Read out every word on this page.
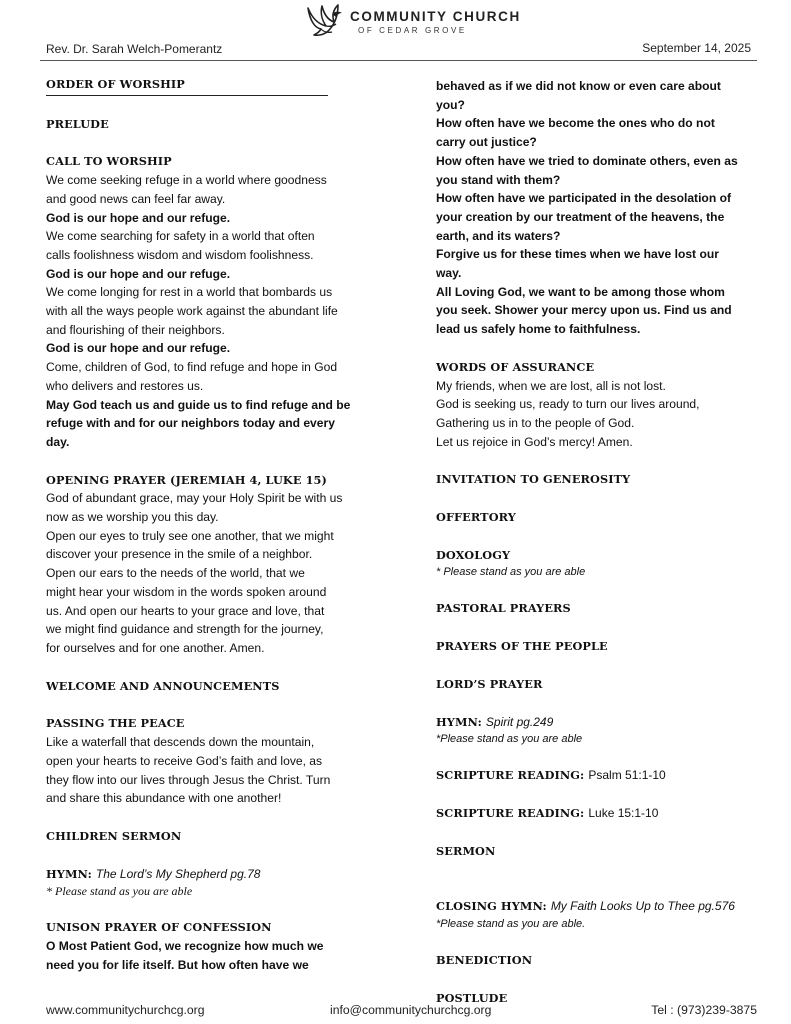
COMMUNITY CHURCH
OF CEDAR GROVE
Rev. Dr. Sarah Welch-Pomerantz	September 14, 2025
ORDER OF WORSHIP
PRELUDE
CALL TO WORSHIP
We come seeking refuge in a world where goodness
and good news can feel far away.
God is our hope and our refuge.
We come searching for safety in a world that often
calls foolishness wisdom and wisdom foolishness.
God is our hope and our refuge.
We come longing for rest in a world that bombards us
with all the ways people work against the abundant life
and flourishing of their neighbors.
God is our hope and our refuge.
Come, children of God, to find refuge and hope in God
who delivers and restores us.
May God teach us and guide us to find refuge and be
refuge with and for our neighbors today and every
day.
OPENING PRAYER (JEREMIAH 4, LUKE 15)
God of abundant grace, may your Holy Spirit be with us
now as we worship you this day.
Open our eyes to truly see one another, that we might
discover your presence in the smile of a neighbor.
Open our ears to the needs of the world, that we
might hear your wisdom in the words spoken around
us. And open our hearts to your grace and love, that
we might find guidance and strength for the journey,
for ourselves and for one another. Amen.
WELCOME AND ANNOUNCEMENTS
PASSING THE PEACE
Like a waterfall that descends down the mountain,
open your hearts to receive God’s faith and love, as
they flow into our lives through Jesus the Christ. Turn
and share this abundance with one another!
CHILDREN SERMON
HYMN: The Lord’s My Shepherd pg.78
* Please stand as you are able
UNISON PRAYER OF CONFESSION
O Most Patient God, we recognize how much we
need you for life itself. But how often have we
behaved as if we did not know or even care about
you?
How often have we become the ones who do not
carry out justice?
How often have we tried to dominate others, even as
you stand with them?
How often have we participated in the desolation of
your creation by our treatment of the heavens, the
earth, and its waters?
Forgive us for these times when we have lost our
way.
All Loving God, we want to be among those whom
you seek. Shower your mercy upon us. Find us and
lead us safely home to faithfulness.
WORDS OF ASSURANCE
My friends, when we are lost, all is not lost.
God is seeking us, ready to turn our lives around,
Gathering us in to the people of God.
Let us rejoice in God’s mercy! Amen.
INVITATION TO GENEROSITY
OFFERTORY
DOXOLOGY
* Please stand as you are able
PASTORAL PRAYERS
PRAYERS OF THE PEOPLE
LORD’S PRAYER
HYMN: Spirit pg.249
*Please stand as you are able
SCRIPTURE READING: Psalm 51:1-10
SCRIPTURE READING: Luke 15:1-10
SERMON
CLOSING HYMN: My Faith Looks Up to Thee pg.576
*Please stand as you are able.
BENEDICTION
POSTLUDE
www.communitychurchcg.org	info@communitychurchcg.org	Tel : (973)239-3875
